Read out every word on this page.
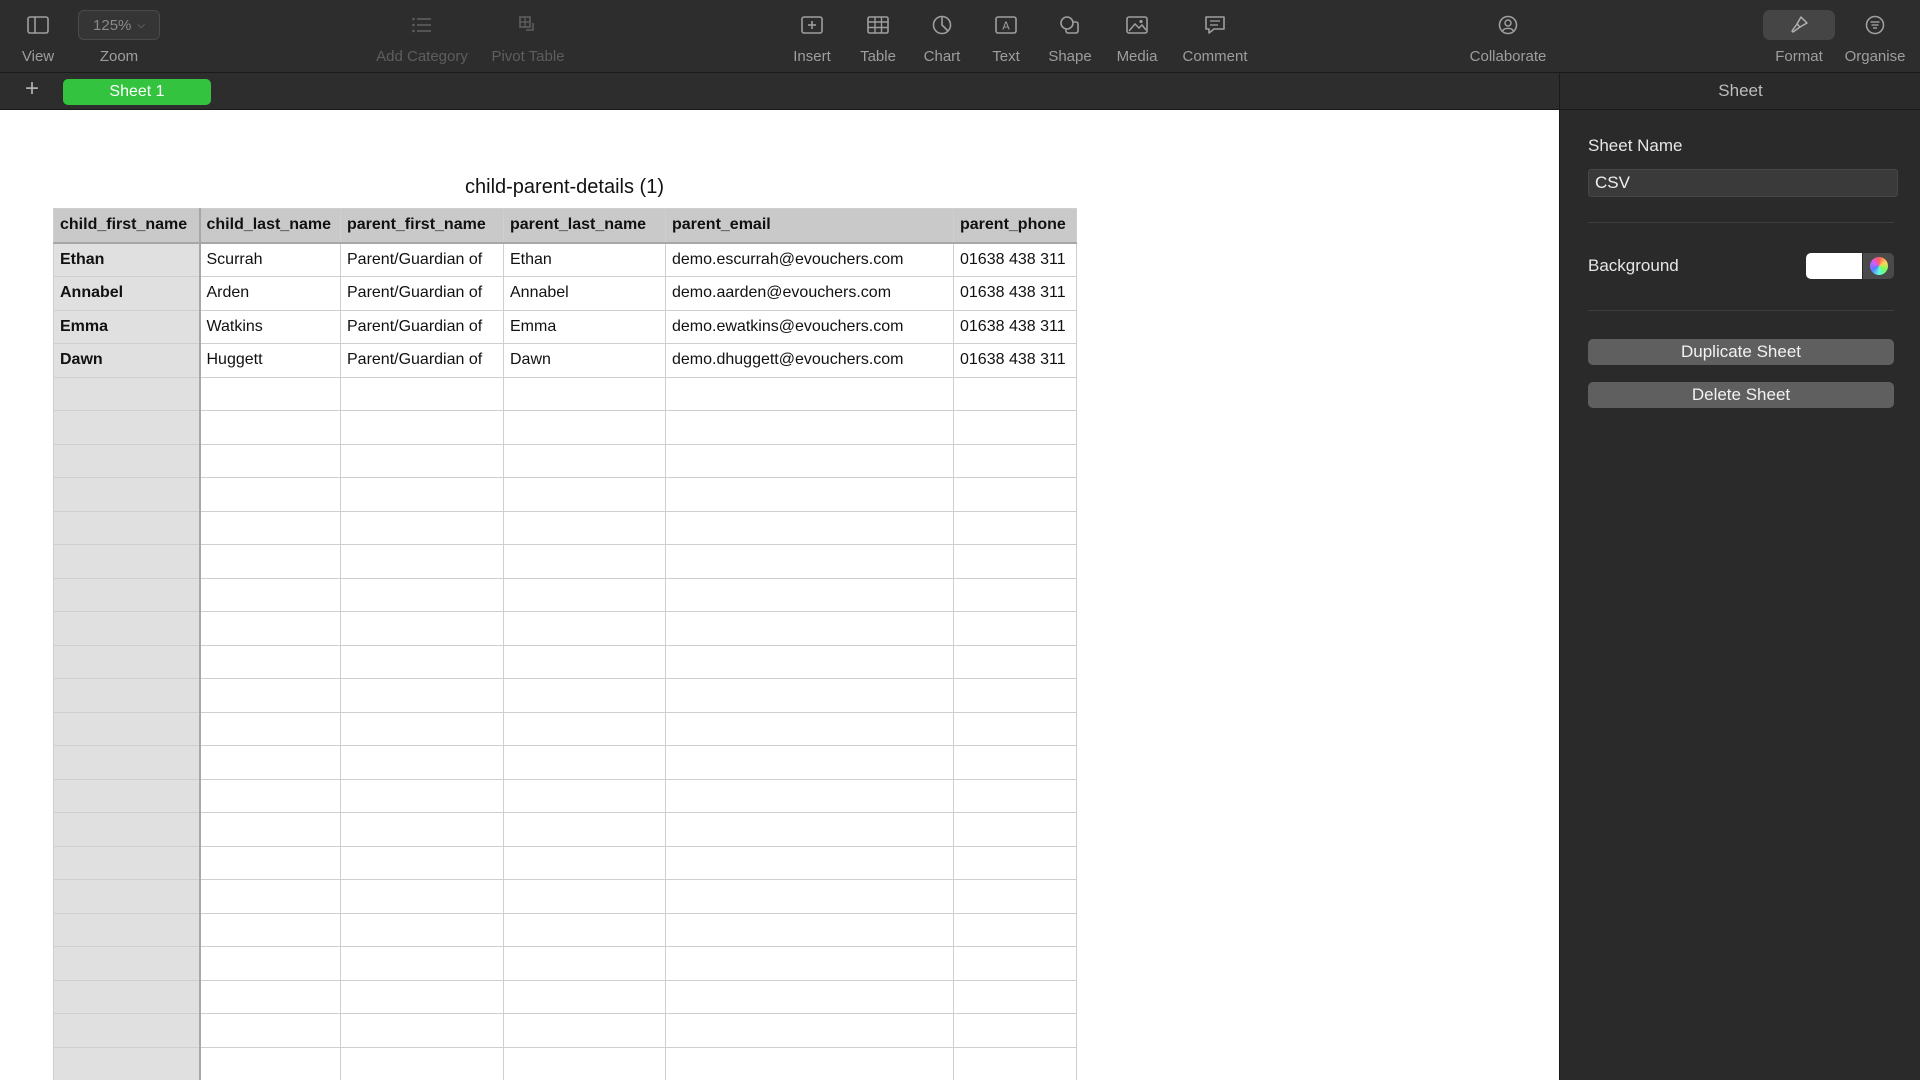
View
125% ⌵
Zoom	Add Category Pivot Table	Insert Table Chart
A
Text Shape Media Comment	Collaborate	Format Organise
+	Sheet 1
child-parent-details (1)
child_first_name	child_last_name	parent_first_name	parent_last_name	parent_email	parent_phone
Ethan	Scurrah	Parent/Guardian of	Ethan	demo.escurrah@evouchers.com	01638 438 311
Annabel	Arden	Parent/Guardian of	Annabel	demo.aarden@evouchers.com	01638 438 311
Emma	Watkins	Parent/Guardian of	Emma	demo.ewatkins@evouchers.com	01638 438 311
Dawn	Huggett	Parent/Guardian of	Dawn	demo.dhuggett@evouchers.com	01638 438 311

Sheet
Sheet Name
CSV
Background
Duplicate Sheet
Delete Sheet
